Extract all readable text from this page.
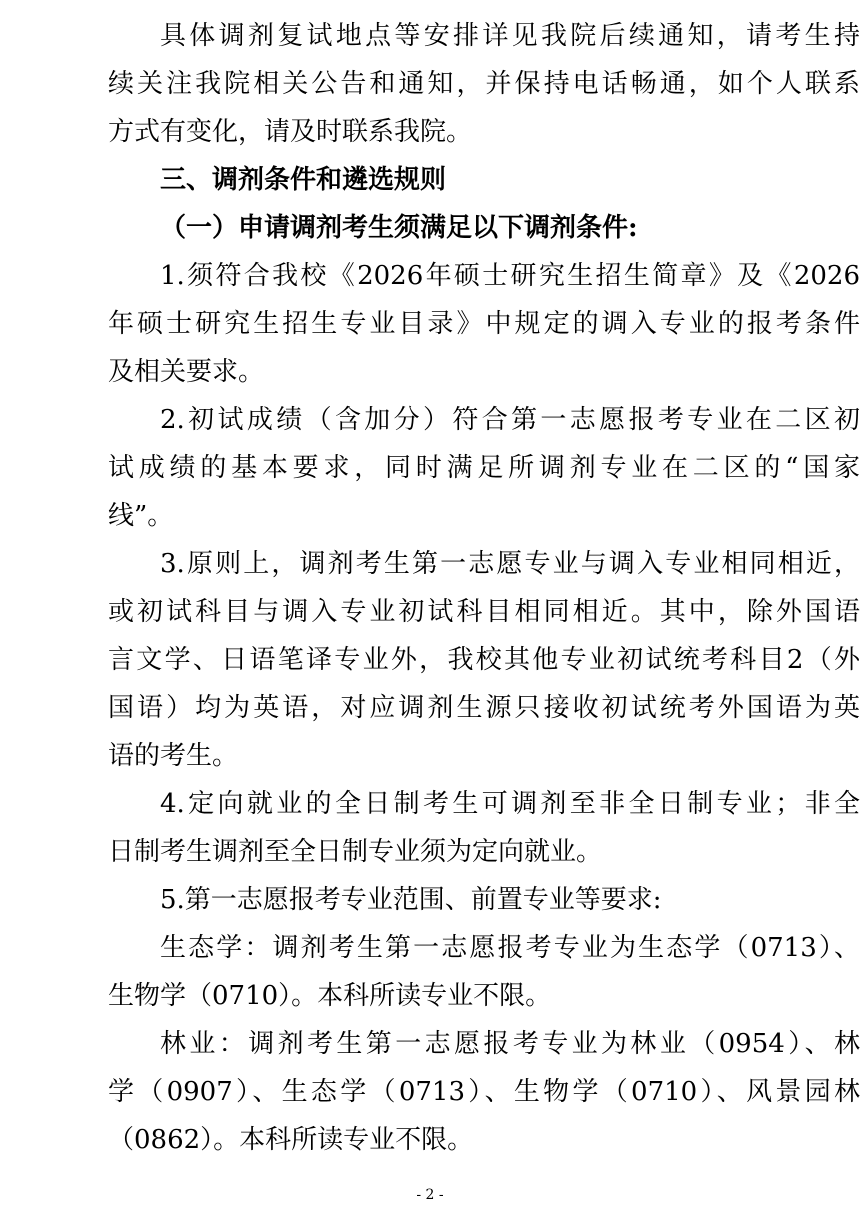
具体调剂复试地点等安排详见我院后续通知，请考生持
续关注我院相关公告和通知，并保持电话畅通，如个人联系
方式有变化，请及时联系我院。
三、调剂条件和遴选规则
（一）申请调剂考生须满足以下调剂条件:
1.须符合我校《2026年硕士研究生招生简章》及《2026
年硕士研究生招生专业目录》中规定的调入专业的报考条件
及相关要求。
2.初试成绩（含加分）符合第一志愿报考专业在二区初
试成绩的基本要求，同时满足所调剂专业在二区的“国家
线”。
3.原则上，调剂考生第一志愿专业与调入专业相同相近，
或初试科目与调入专业初试科目相同相近。其中，除外国语
言文学、日语笔译专业外，我校其他专业初试统考科目2（外
国语）均为英语，对应调剂生源只接收初试统考外国语为英
语的考生。
4.定向就业的全日制考生可调剂至非全日制专业；非全
日制考生调剂至全日制专业须为定向就业。
5.第一志愿报考专业范围、前置专业等要求:
生态学：调剂考生第一志愿报考专业为生态学（0713）、
生物学（0710）。本科所读专业不限。
林业：调剂考生第一志愿报考专业为林业（0954）、林
学（0907）、生态学（0713）、生物学（0710）、风景园林
（0862）。本科所读专业不限。
- 2 -
